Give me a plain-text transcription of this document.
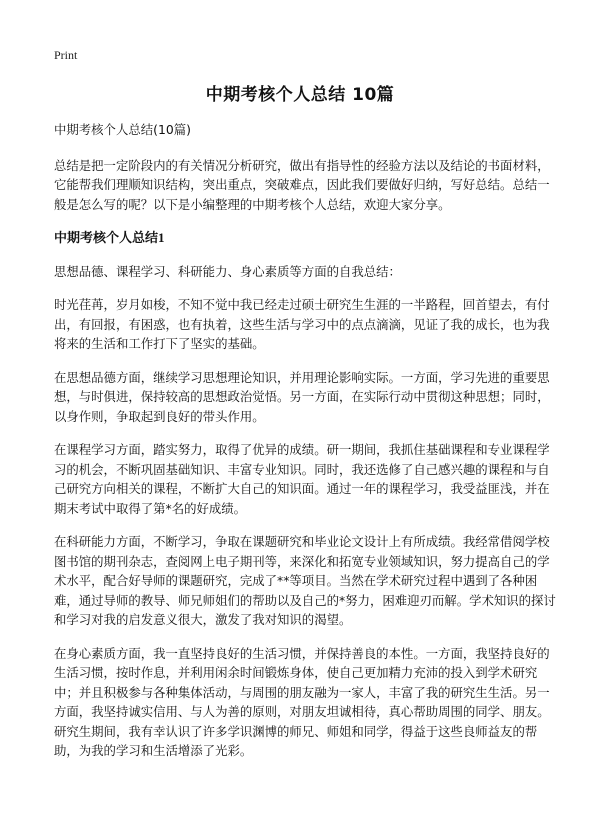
Print
中期考核个人总结 10篇

中期考核个人总结(10篇)

总结是把一定阶段内的有关情况分析研究，做出有指导性的经验方法以及结论的书面材料，它能帮我们理顺知识结构，突出重点，突破难点，因此我们要做好归纳，写好总结。总结一般是怎么写的呢？以下是小编整理的中期考核个人总结，欢迎大家分享。

中期考核个人总结1

思想品德、课程学习、科研能力、身心素质等方面的自我总结：

时光荏苒，岁月如梭，不知不觉中我已经走过硕士研究生生涯的一半路程，回首望去，有付出，有回报，有困惑，也有执着，这些生活与学习中的点点滴滴，见证了我的成长，也为我将来的生活和工作打下了坚实的基础。

在思想品德方面，继续学习思想理论知识，并用理论影响实际。一方面，学习先进的重要思想，与时俱进，保持较高的思想政治觉悟。另一方面，在实际行动中贯彻这种思想；同时，以身作则，争取起到良好的带头作用。

在课程学习方面，踏实努力，取得了优异的成绩。研一期间，我抓住基础课程和专业课程学习的机会，不断巩固基础知识、丰富专业知识。同时，我还选修了自己感兴趣的课程和与自己研究方向相关的课程，不断扩大自己的知识面。通过一年的课程学习，我受益匪浅，并在期末考试中取得了第*名的好成绩。

在科研能力方面，不断学习，争取在课题研究和毕业论文设计上有所成绩。我经常借阅学校图书馆的期刊杂志，查阅网上电子期刊等，来深化和拓宽专业领域知识，努力提高自己的学术水平，配合好导师的课题研究，完成了**等项目。当然在学术研究过程中遇到了各种困难，通过导师的教导、师兄师姐们的帮助以及自己的*努力，困难迎刃而解。学术知识的探讨和学习对我的启发意义很大，激发了我对知识的渴望。

在身心素质方面，我一直坚持良好的生活习惯，并保持善良的本性。一方面，我坚持良好的生活习惯，按时作息，并利用闲余时间锻炼身体，使自己更加精力充沛的投入到学术研究中；并且积极参与各种集体活动，与周围的朋友融为一家人，丰富了我的研究生生活。另一方面，我坚持诚实信用、与人为善的原则，对朋友坦诚相待，真心帮助周围的同学、朋友。研究生期间，我有幸认识了许多学识渊博的师兄、师姐和同学，得益于这些良师益友的帮助，为我的学习和生活增添了光彩。
